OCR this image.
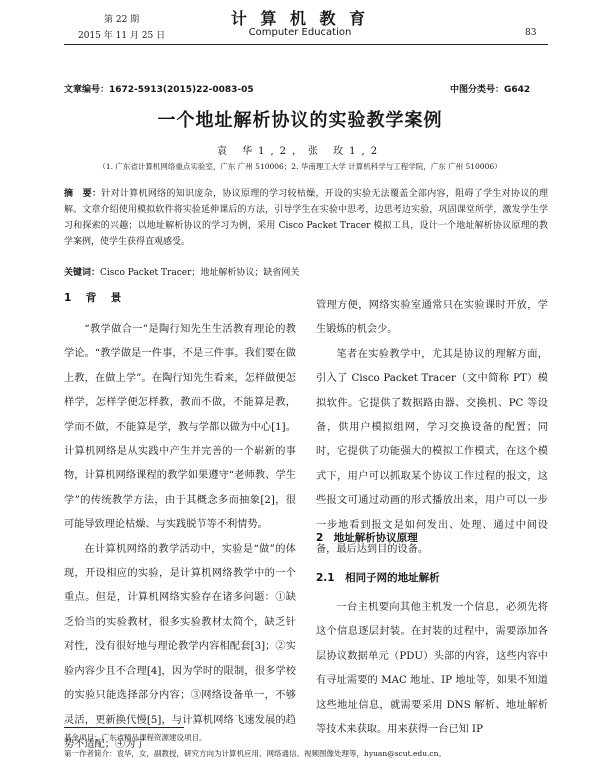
第 22 期
2015 年 11 月 25 日
计 算 机 教 育
Computer Education	83
文章编号：1672-5913(2015)22-0083-05	中图分类号：G642
一个地址解析协议的实验教学案例
袁 华1,2，张 玫1,2
（1. 广东省计算机网络重点实验室，广东 广州 510006；2. 华南理工大学 计算机科学与工程学院，广东 广州 510006）
摘　要：针对计算机网络的知识庞杂，协议原理的学习较枯燥，开设的实验无法覆盖全部内容，阻碍了学生对协议的理解。文章介绍使用模拟软件将实验延伸课后的方法，引导学生在实验中思考，边思考边实验，巩固课堂所学，激发学生学习和探索的兴趣；以地址解析协议的学习为例，采用 Cisco Packet Tracer 模拟工具，设计一个地址解析协议原理的教学案例，使学生获得直观感受。
关键词：Cisco Packet Tracer；地址解析协议；缺省网关
1　背　景

“教学做合一”是陶行知先生生活教育理论的教学论。“教学做是一件事，不是三件事。我们要在做上教，在做上学”。在陶行知先生看来，怎样做便怎样学，怎样学便怎样教，教而不做，不能算是教，学而不做，不能算是学，教与学都以做为中心[1]。计算机网络是从实践中产生并完善的一个崭新的事物，计算机网络课程的教学如果遵守“老师教、学生学”的传统教学方法，由于其概念多而抽象[2]，很可能导致理论枯燥、与实践脱节等不利情势。

在计算机网络的教学活动中，实验是“做”的体现，开设相应的实验，是计算机网络教学中的一个重点。但是，计算机网络实验存在诸多问题：①缺乏恰当的实验教材，很多实验教材太简个，缺乏针对性，没有很好地与理论教学内容相配套[3]；②实验内容少且不合理[4]，因为学时的限制，很多学校的实验只能选择部分内容；③网络设备单一，不够灵活，更新换代慢[5]，与计算机网络飞速发展的趋势不适配；④为了

管理方便，网络实验室通常只在实验课时开放，学生锻炼的机会少。

笔者在实验教学中，尤其是协议的理解方面，引入了 Cisco Packet Tracer（文中简称 PT）模拟软件。它提供了数据路由器、交换机、PC 等设备，供用户模拟组网，学习交换设备的配置；同时，它提供了功能强大的模拟工作模式，在这个模式下，用户可以抓取某个协议工作过程的报文，这些报文可通过动画的形式播放出来，用户可以一步一步地看到报文是如何发出、处理、通过中间设备，最后达到目的设备。

2　地址解析协议原理
2.1　相同子网的地址解析

一台主机要向其他主机发一个信息，必须先将这个信息逐层封装。在封装的过程中，需要添加各层协议数据单元（PDU）头部的内容，这些内容中有寻址需要的 MAC 地址、IP 地址等，如果不知道这些地址信息，就需要采用 DNS 解析、地址解析等技术来获取。用来获得一台已知 IP

基金项目：广东省精品课程资源建设项目。
第一作者简介：袁华，女，副教授，研究方向为计算机应用、网络通信、视频图像处理等，hyuan@scut.edu.cn。
